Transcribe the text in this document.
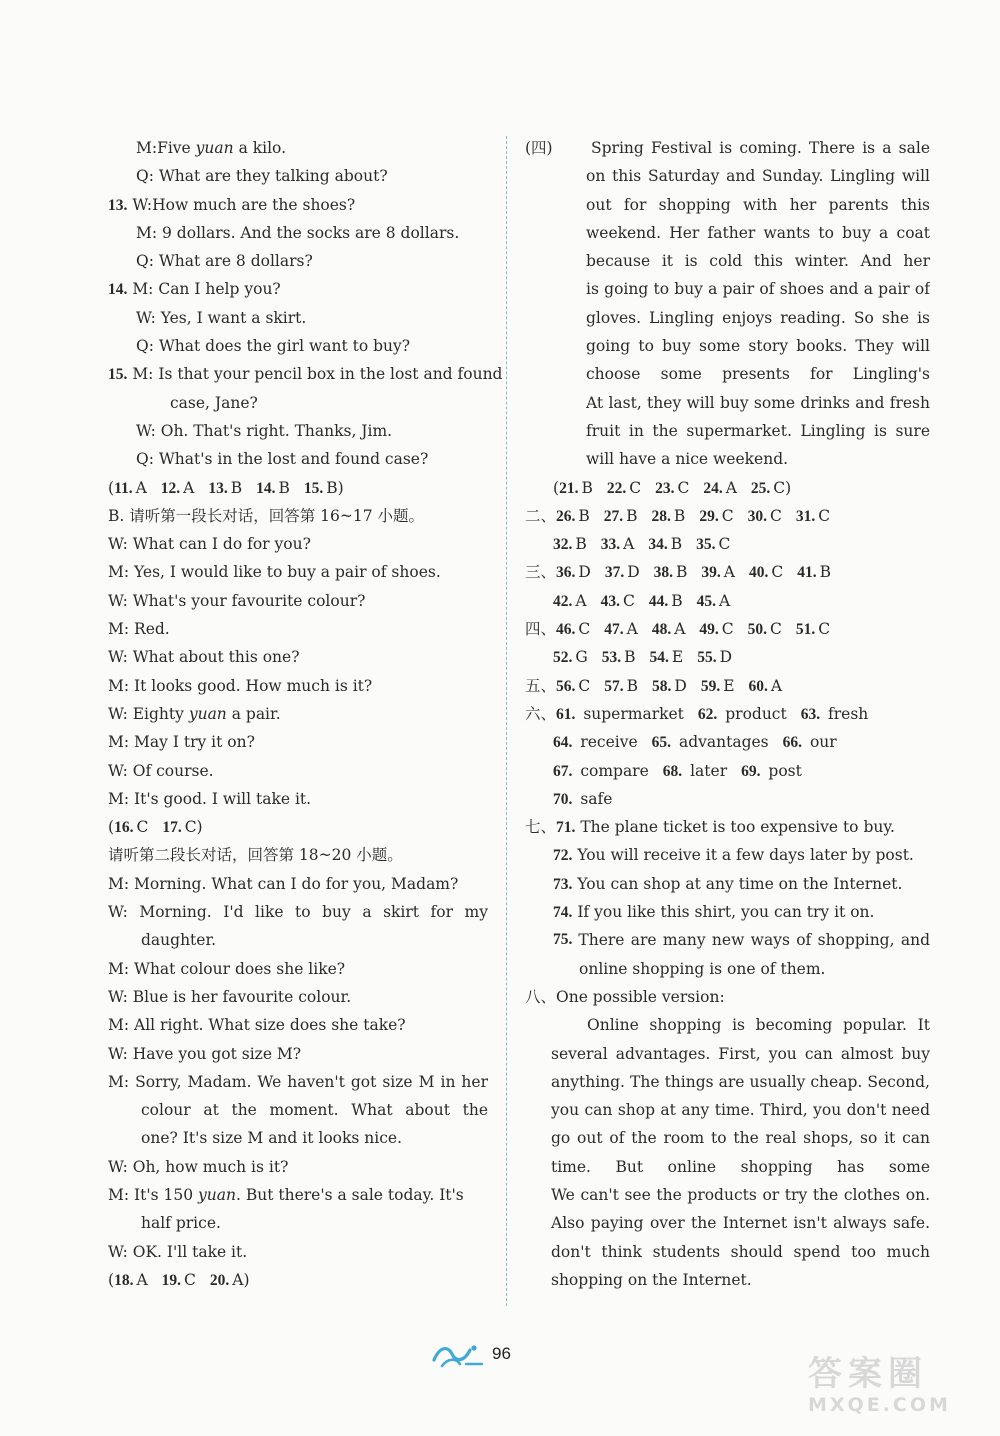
M:Five yuan a kilo.
Q: What are they talking about?
13. W:How much are the shoes?
M: 9 dollars. And the socks are 8 dollars.
Q: What are 8 dollars?
14. M: Can I help you?
W: Yes, I want a skirt.
Q: What does the girl want to buy?
15. M: Is that your pencil box in the lost and found
case, Jane?
W: Oh. That's right. Thanks, Jim.
Q: What's in the lost and found case?
(11. A 12. A 13. B 14. B 15. B)
B. 请听第一段长对话，回答第 16~17 小题。
W: What can I do for you?
M: Yes, I would like to buy a pair of shoes.
W: What's your favourite colour?
M: Red.
W: What about this one?
M: It looks good. How much is it?
W: Eighty yuan a pair.
M: May I try it on?
W: Of course.
M: It's good. I will take it.
(16. C 17. C)
请听第二段长对话，回答第 18~20 小题。
M: Morning. What can I do for you, Madam?
W: Morning. I'd like to buy a skirt for my
daughter.
M: What colour does she like?
W: Blue is her favourite colour.
M: All right. What size does she take?
W: Have you got size M?
M: Sorry, Madam. We haven't got size M in her
colour at the moment. What about the
one? It's size M and it looks nice.
W: Oh, how much is it?
M: It's 150 yuan. But there's a sale today. It's
half price.
W: OK. I'll take it.
(18. A 19. C 20. A)
(四)	Spring Festival is coming. There is a sale
on this Saturday and Sunday. Lingling will
out for shopping with her parents this
weekend. Her father wants to buy a coat
because it is cold this winter. And her
is going to buy a pair of shoes and a pair of
gloves. Lingling enjoys reading. So she is
going to buy some story books. They will
choose some presents for Lingling's
At last, they will buy some drinks and fresh
fruit in the supermarket. Lingling is sure
will have a nice weekend.
(21. B 22. C 23. C 24. A 25. C)
二、26. B 27. B 28. B 29. C 30. C 31. C
32. B 33. A 34. B 35. C
三、36. D 37. D 38. B 39. A 40. C 41. B
42. A 43. C 44. B 45. A
四、46. C 47. A 48. A 49. C 50. C 51. C
52. G 53. B 54. E 55. D
五、56. C 57. B 58. D 59. E 60. A
六、61. supermarket 62. product 63. fresh
64. receive 65. advantages 66. our
67. compare 68. later 69. post
70. safe
七、71. The plane ticket is too expensive to buy.
72. You will receive it a few days later by post.
73. You can shop at any time on the Internet.
74. If you like this shirt, you can try it on.
75. There are many new ways of shopping, and
online shopping is one of them.
八、One possible version:
Online shopping is becoming popular. It
several advantages. First, you can almost buy
anything. The things are usually cheap. Second,
you can shop at any time. Third, you don't need
go out of the room to the real shops, so it can
time. But online shopping has some
We can't see the products or try the clothes on.
Also paying over the Internet isn't always safe.
don't think students should spend too much
shopping on the Internet.
96
答案圈
MXQE.COM
